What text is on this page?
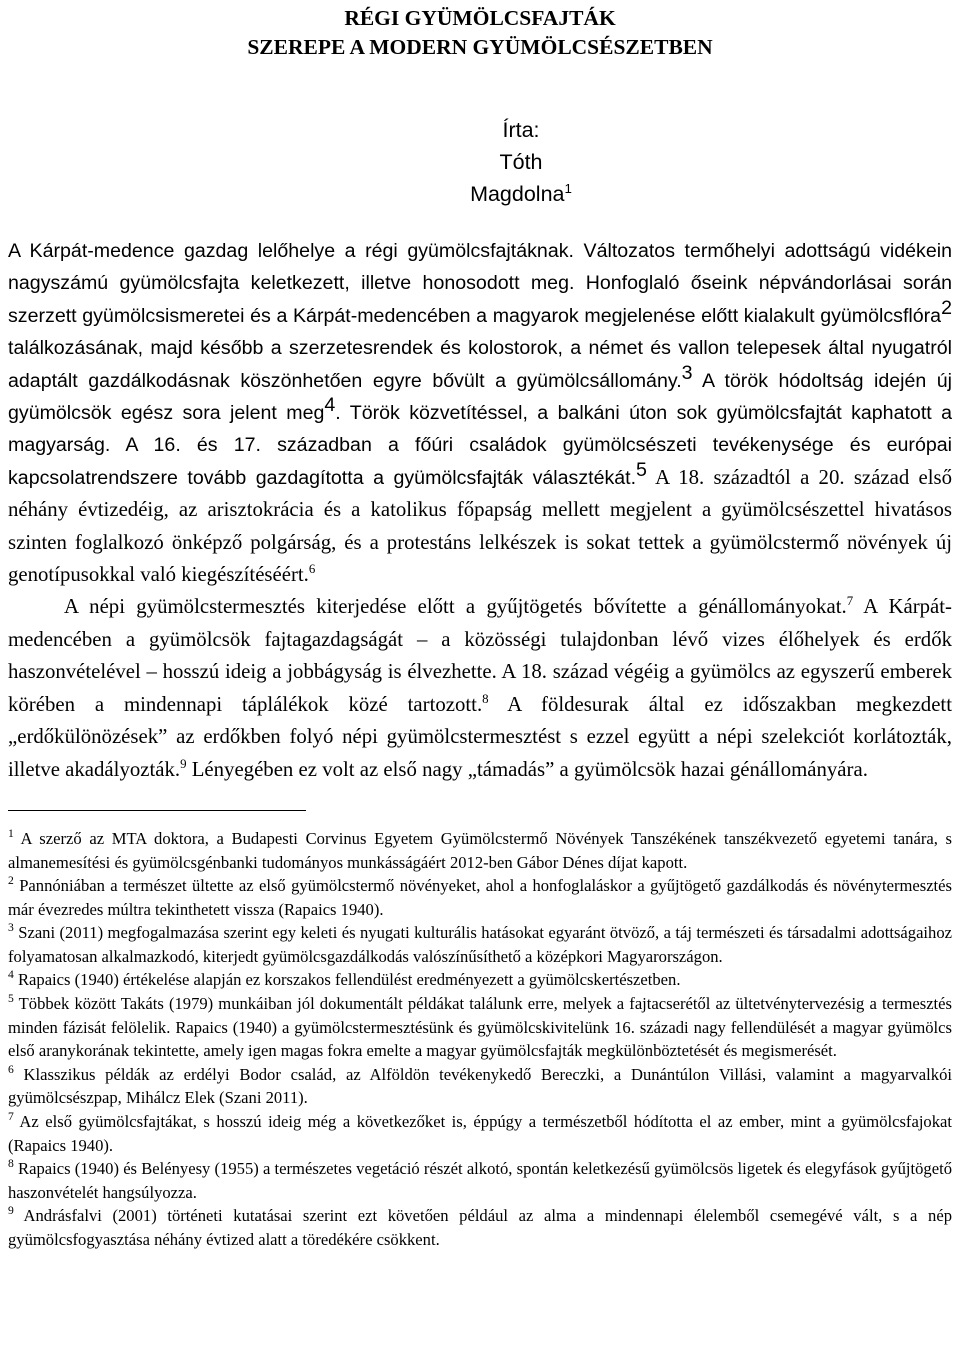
RÉGI GYÜMÖLCSFAJTÁK
SZEREPE A MODERN GYÜMÖLCSÉSZETBEN
Írta:
Tóth Magdolna$^1$

A Kárpát-medence gazdag lelőhelye a régi gyümölcsfajtáknak. Változatos termőhelyi adottságú vidékein nagyszámú gyümölcsfajta keletkezett, illetve honosodott meg. Honfoglaló őseink népvándorlásai során szerzett gyümölcsismeretei és a Kárpát-medencében a magyarok megjelenése előtt kialakult gyümölcsflóra$^2$ találkozásának, majd később a szerzetesrendek és kolostorok, a német és vallon telepesek által nyugatról adaptált gazdálkodásnak köszönhetően egyre bővült a gyümölcsállomány.$^3$ A török hódoltság idején új gyümölcsök egész sora jelent meg$^4$. Török közvetítéssel, a balkáni úton sok gyümölcsfajtát kaphatott a magyarság. A 16. és 17. században a főúri családok gyümölcsészeti tevékenysége és európai kapcsolatrendszere tovább gazdagította a gyümölcsfajták választékát.$^5$ A 18. századtól a 20. század első néhány évtizedéig, az arisztokrácia és a katolikus főpapság mellett megjelent a gyümölcsészettel hivatásos szinten foglalkozó önképző polgárság, és a protestáns lelkészek is sokat tettek a gyümölcstermő növények új genotípusokkal való kiegészítéséért.$^6$

A népi gyümölcstermesztés kiterjedése előtt a gyűjtögetés bővítette a génállományokat.$^7$ A Kárpát-medencében a gyümölcsök fajtagazdagságát – a közösségi tulajdonban lévő vizes élőhelyek és erdők haszonvételével – hosszú ideig a jobbágyság is élvezhette. A 18. század végéig a gyümölcs az egyszerű emberek körében a mindennapi táplálékok közé tartozott.$^8$ A földesurak által ez időszakban megkezdett „erdőkülönözések” az erdőkben folyó népi gyümölcstermesztést s ezzel együtt a népi szelekciót korlátozták, illetve akadályozták.$^9$ Lényegében ez volt az első nagy „támadás” a gyümölcsök hazai génállományára.

$^1$ A szerző az MTA doktora, a Budapesti Corvinus Egyetem Gyümölcstermő Növények Tanszékének tanszékvezető egyetemi tanára, s almanemesítési és gyümölcsgénbanki tudományos munkásságáért 2012-ben Gábor Dénes díjat kapott.

$^2$ Pannóniában a természet ültette az első gyümölcstermő növényeket, ahol a honfoglaláskor a gyűjtögető gazdálkodás és növénytermesztés már évezredes múltra tekinthetett vissza (Rapaics 1940).

$^3$ Szani (2011) megfogalmazása szerint egy keleti és nyugati kulturális hatásokat egyaránt ötvöző, a táj természeti és társadalmi adottságaihoz folyamatosan alkalmazkodó, kiterjedt gyümölcsgazdálkodás valószínűsíthető a középkori Magyarországon.

$^4$ Rapaics (1940) értékelése alapján ez korszakos fellendülést eredményezett a gyümölcskertészetben.

$^5$ Többek között Takáts (1979) munkáiban jól dokumentált példákat találunk erre, melyek a fajtacserétől az ültetvénytervezésig a termesztés minden fázisát felölelik. Rapaics (1940) a gyümölcstermesztésünk és gyümölcskivitelünk 16. századi nagy fellendülését a magyar gyümölcs első aranykorának tekintette, amely igen magas fokra emelte a magyar gyümölcsfajták megkülönböztetését és megismerését.

$^6$ Klasszikus példák az erdélyi Bodor család, az Alföldön tevékenykedő Bereczki, a Dunántúlon Villási, valamint a magyarvalkói gyümölcsészpap, Mihálcz Elek (Szani 2011).

$^7$ Az első gyümölcsfajtákat, s hosszú ideig még a következőket is, éppúgy a természetből hódította el az ember, mint a gyümölcsfajokat (Rapaics 1940).

$^8$ Rapaics (1940) és Belényesy (1955) a természetes vegetáció részét alkotó, spontán keletkezésű gyümölcsös ligetek és elegyfások gyűjtögető haszonvételét hangsúlyozza.

$^9$ Andrásfalvi (2001) történeti kutatásai szerint ezt követően például az alma a mindennapi élelemből csemegévé vált, s a nép gyümölcsfogyasztása néhány évtized alatt a töredékére csökkent.
